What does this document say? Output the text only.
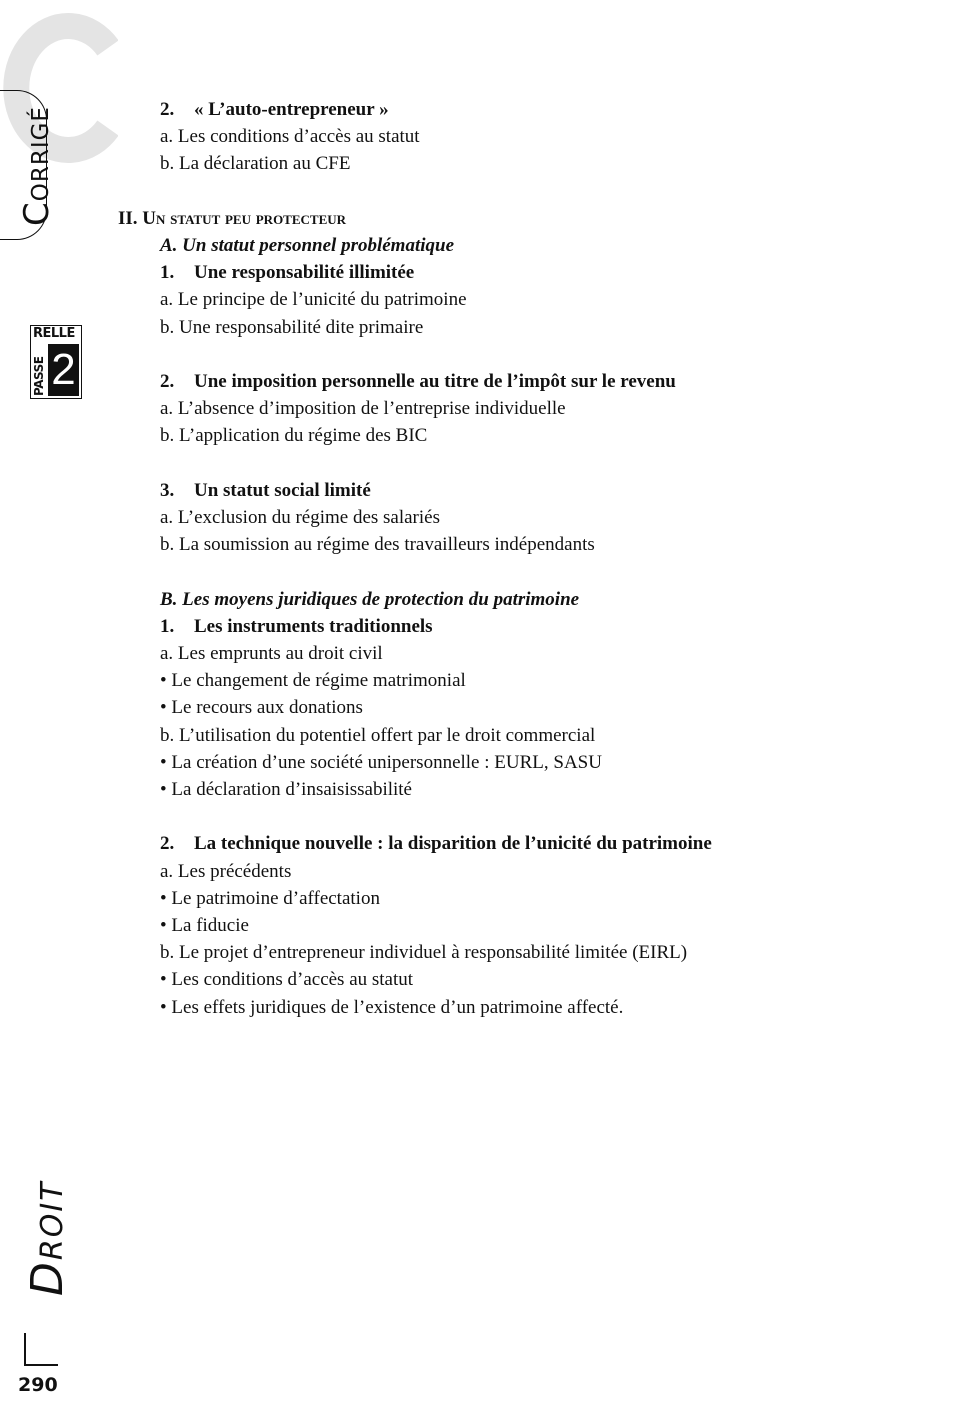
CORRIGÉ
RELLE
PASSE 2
DROIT
290
2. « L’auto-entrepreneur »
a. Les conditions d’accès au statut
b. La déclaration au CFE
II. Un statut peu protecteur
A. Un statut personnel problématique
1. Une responsabilité illimitée
a. Le principe de l’unicité du patrimoine
b. Une responsabilité dite primaire
2. Une imposition personnelle au titre de l’impôt sur le revenu
a. L’absence d’imposition de l’entreprise individuelle
b. L’application du régime des BIC
3. Un statut social limité
a. L’exclusion du régime des salariés
b. La soumission au régime des travailleurs indépendants
B. Les moyens juridiques de protection du patrimoine
1. Les instruments traditionnels
a. Les emprunts au droit civil
• Le changement de régime matrimonial
• Le recours aux donations
b. L’utilisation du potentiel offert par le droit commercial
• La création d’une société unipersonnelle : EURL, SASU
• La déclaration d’insaisissabilité
2. La technique nouvelle : la disparition de l’unicité du patrimoine
a. Les précédents
• Le patrimoine d’affectation
• La fiducie
b. Le projet d’entrepreneur individuel à responsabilité limitée (EIRL)
• Les conditions d’accès au statut
• Les effets juridiques de l’existence d’un patrimoine affecté.
